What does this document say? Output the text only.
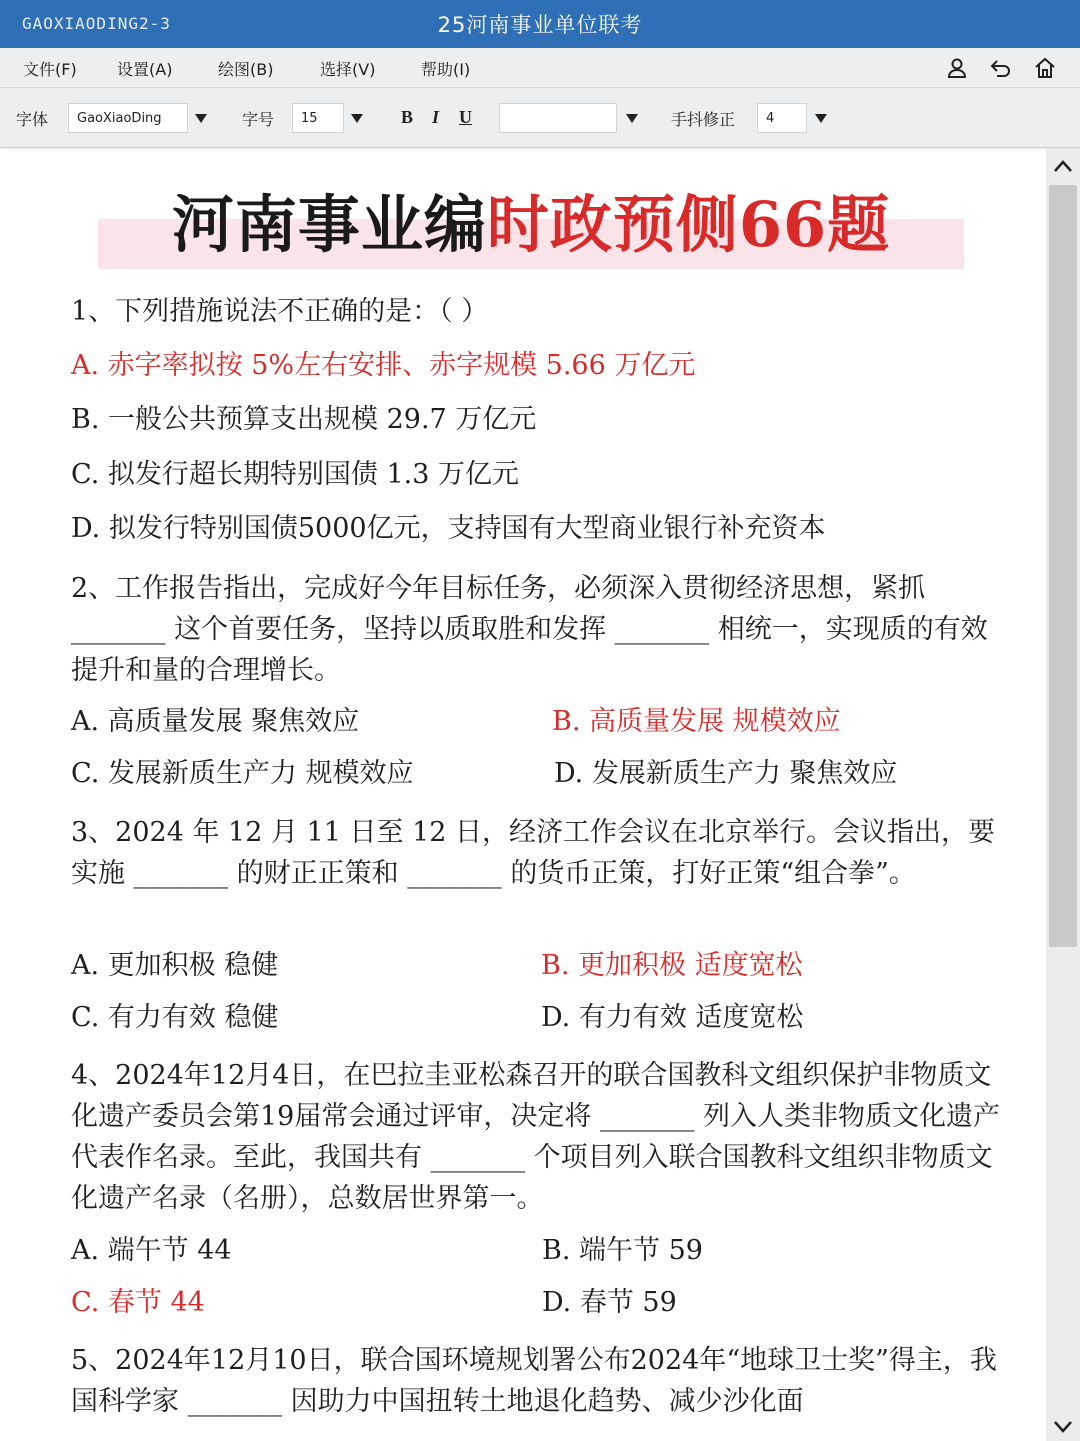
GAOXIAODING2-3	25河南事业单位联考
文件(F)	设置(A)	绘图(B)	选择(V)	帮助(I)
字体	字号	手抖修正
GaoXiaoDing	15	B I U	4
河南事业编时政预侧66题
1、下列措施说法不正确的是：（ ）
A. 赤字率拟按 5%左右安排、赤字规模 5.66 万亿元
B. 一般公共预算支出规模 29.7 万亿元
C. 拟发行超长期特别国债 1.3 万亿元
D. 拟发行特别国债5000亿元，支持国有大型商业银行补充资本
2、工作报告指出，完成好今年目标任务，必须深入贯彻经济思想，紧抓 _______ 这个首要任务，坚持以质取胜和发挥 _______ 相统一，实现质的有效提升和量的合理增长。
A. 高质量发展 聚焦效应	B. 高质量发展 规模效应
C. 发展新质生产力 规模效应	D. 发展新质生产力 聚焦效应
3、2024 年 12 月 11 日至 12 日，经济工作会议在北京举行。会议指出，要实施 _______ 的财正正策和 _______ 的货币正策，打好正策“组合拳”。
A. 更加积极 稳健	B. 更加积极 适度宽松
C. 有力有效 稳健	D. 有力有效 适度宽松
4、2024年12月4日，在巴拉圭亚松森召开的联合国教科文组织保护非物质文化遗产委员会第19届常会通过评审，决定将 _______ 列入人类非物质文化遗产代表作名录。至此，我国共有 _______ 个项目列入联合国教科文组织非物质文化遗产名录（名册），总数居世界第一。
A. 端午节 44	B. 端午节 59
C. 春节 44	D. 春节 59
5、2024年12月10日，联合国环境规划署公布2024年“地球卫士奖”得主，我国科学家 _______ 因助力中国扭转土地退化趋势、减少沙化面
